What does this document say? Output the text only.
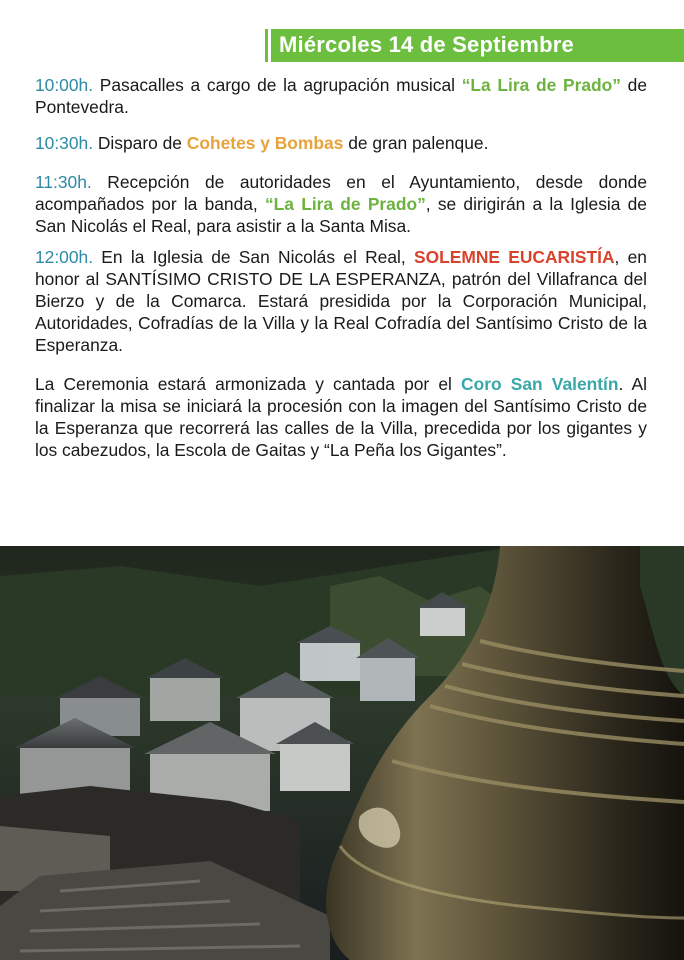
Miércoles 14 de Septiembre

10:00h. Pasacalles a cargo de la agrupación musical “La Lira de Prado” de Pontevedra.

10:30h. Disparo de Cohetes y Bombas de gran palenque.

11:30h. Recepción de autoridades en el Ayuntamiento, desde donde acompañados por la banda, “La Lira de Prado”, se dirigirán a la Iglesia de San Nicolás el Real, para asistir a la Santa Misa.

12:00h. En la Iglesia de San Nicolás el Real, SOLEMNE EUCARISTÍA, en honor al SANTÍSIMO CRISTO DE LA ESPERANZA, patrón del Villafranca del Bierzo y de la Comarca. Estará presidida por la Corporación Municipal, Autoridades, Cofradías de la Villa y la Real Cofradía del Santísimo Cristo de la Esperanza.

La Ceremonia estará armonizada y cantada por el Coro San Valentín. Al finalizar la misa se iniciará la procesión con la imagen del Santísimo Cristo de la Esperanza que recorrerá las calles de la Villa, precedida por los gigantes y los cabezudos, la Escola de Gaitas y “La Peña los Gigantes”.
